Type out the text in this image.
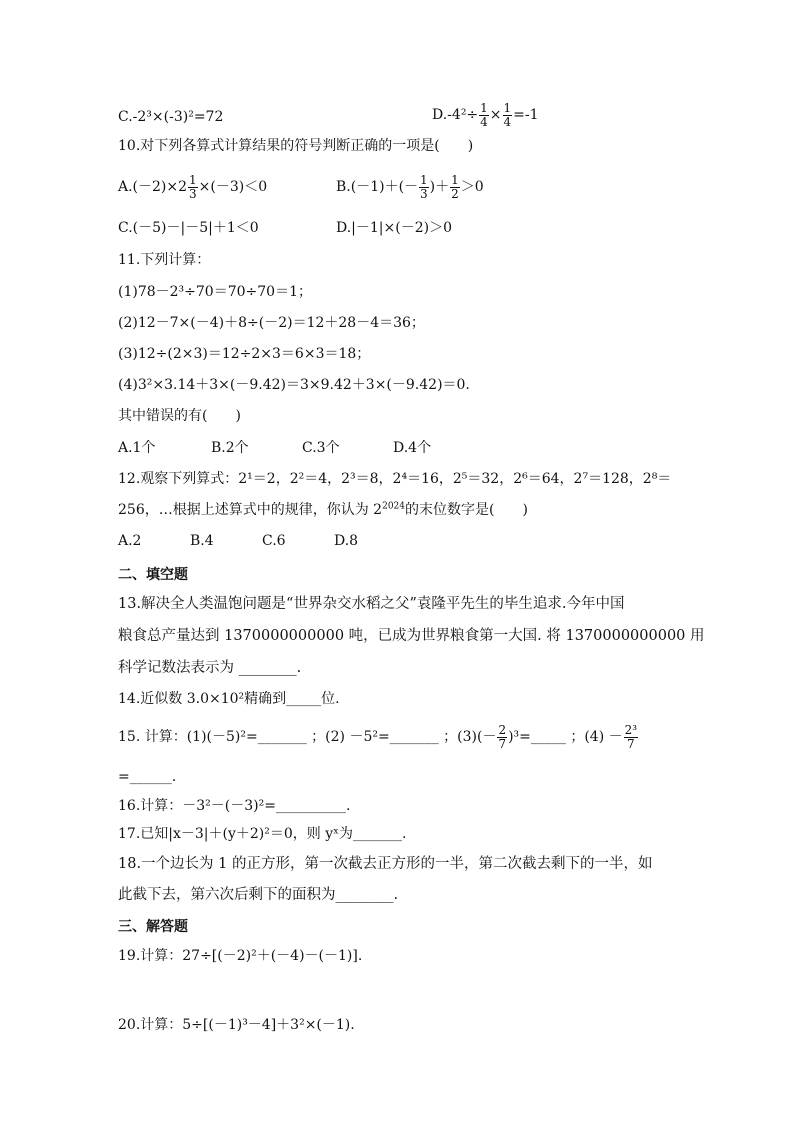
C.-2³×(-3)²=72	$D.-4^2\div \frac{1}{4} \times \frac{1}{4} =-1$
10.对下列各算式计算结果的符号判断正确的一项是(　　)
$A.(-2)\times 2 \frac{1}{3} \times(-3)<0$	$B.(-1)+(- \frac{1}{3}$ )＋ $\frac{1}{2} >0$
C.(－5)－|－5|＋1＜0	D.|－1|×(－2)＞0
11.下列计算：
(1)78－2³÷70＝70÷70＝1；
(2)12－7×(－4)＋8÷(－2)＝12＋28－4＝36；
(3)12÷(2×3)＝12÷2×3＝6×3＝18；
(4)3²×3.14＋3×(－9.42)＝3×9.42＋3×(－9.42)＝0.
其中错误的有(　　)
A.1个	B.2个	C.3个	D.4个
12.观察下列算式：2¹＝2，2²＝4，2³＝8，2⁴＝16，2⁵＝32，2⁶＝64，2⁷＝128，2⁸＝
256，…根据上述算式中的规律，你认为 $2^{2024}$的末位数字是(　　)
A.2	B.4	C.6	D.8
二、填空题
13.解决全人类温饱问题是“世界杂交水稻之父”袁隆平先生的毕生追求.今年中国
粮食总产量达到 1370000000000 吨，已成为世界粮食第一大国. 将 1370000000000 用
科学记数法表示为 ________.
14.近似数 3.0×10²精确到_____位.
15. 计算：(1)(－5)²=_______ ；(2) －5²=_______ ；$(3)(- \frac{2}{7}$ )³=_____ ；$(4) - \frac{\text{2³}}{7}$
=______.
16.计算：－3²－(－3)²=__________.
17.已知|x－3|＋(y＋2)²＝0，则 yˣ为_______.
18.一个边长为 1 的正方形，第一次截去正方形的一半，第二次截去剩下的一半，如
此截下去，第六次后剩下的面积为________.
三、解答题
19.计算：27÷[(－2)²＋(－4)－(－1)].
20.计算：5÷[(－1)³－4]＋3²×(－1).
